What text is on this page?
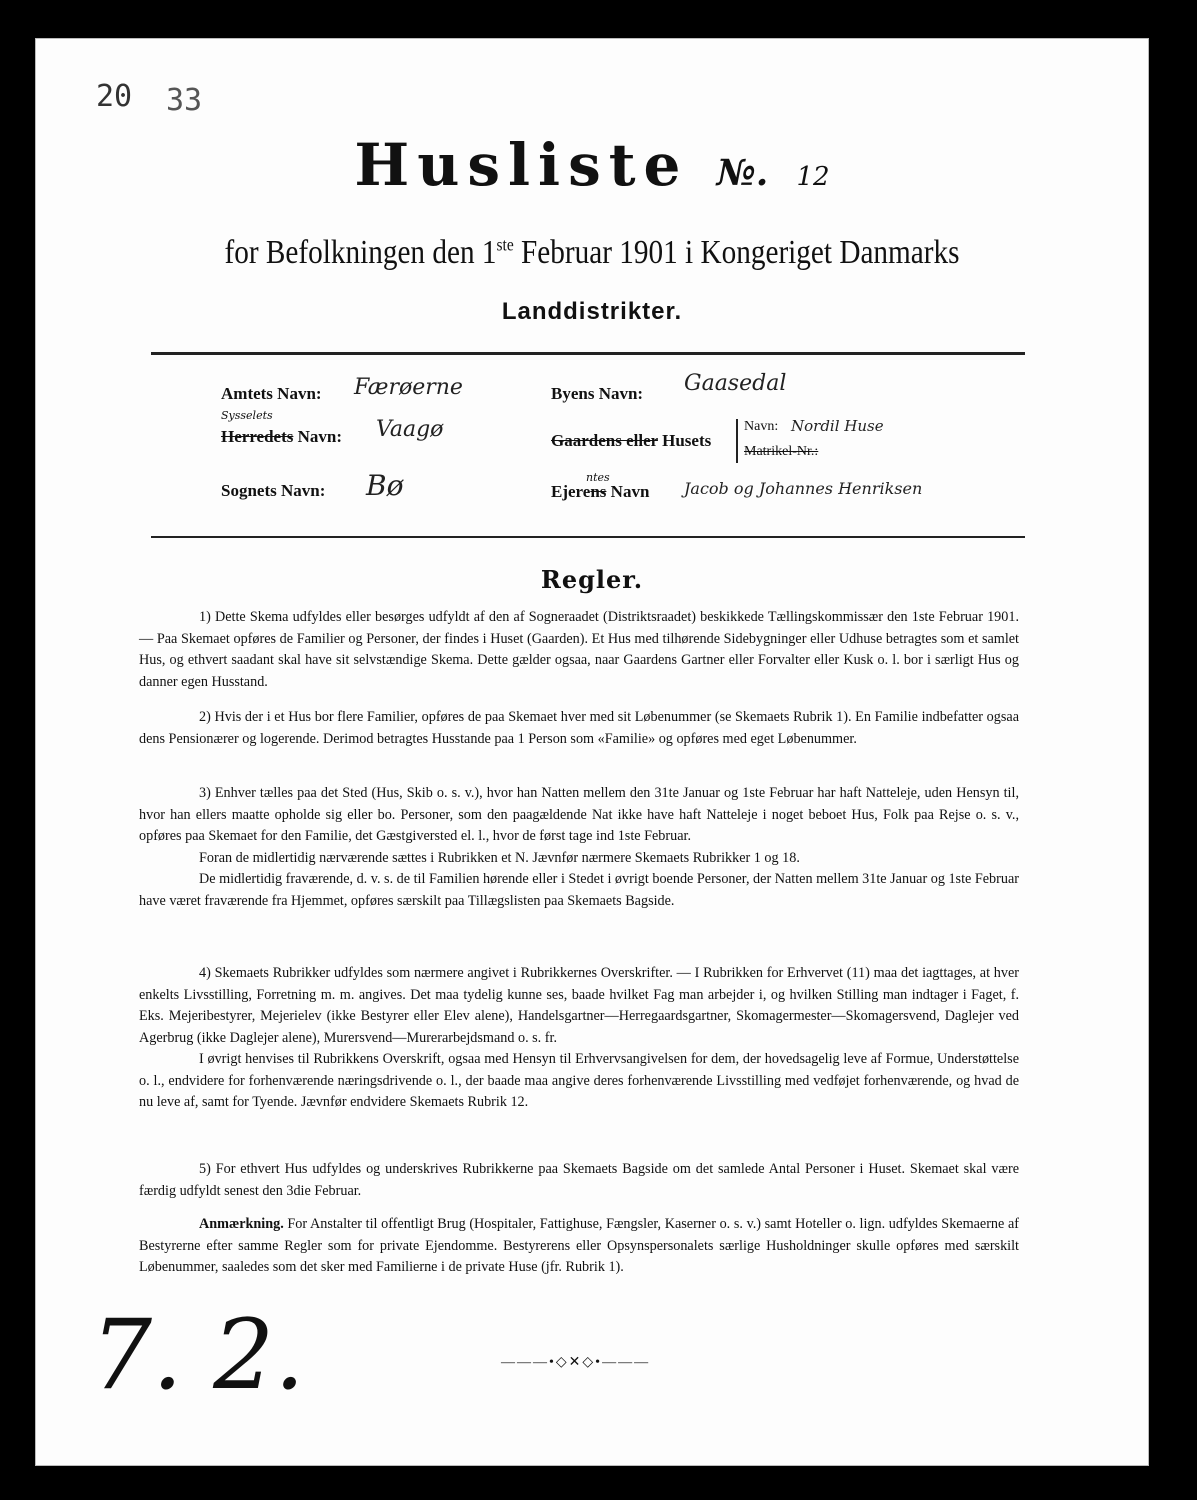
20 33
Husliste №. 12
for Befolkningen den 1ste Februar 1901 i Kongeriget Danmarks
Landdistrikter.
Amtets Navn: Færøerne
Sysselets
Herredets Navn: Vaagø
Sognets Navn: Bø
Byens Navn: Gaasedal
Gaardens eller Husets
Navn: Nordil Huse
Matrikel-Nr.:
ntes
Ejerens Navn Jacob og Johannes Henriksen
Regler.

1) Dette Skema udfyldes eller besørges udfyldt af den af Sogneraadet (Distriktsraadet) beskikkede Tællingskommissær den 1ste Februar 1901. — Paa Skemaet opføres de Familier og Personer, der findes i Huset (Gaarden). Et Hus med tilhørende Sidebygninger eller Udhuse betragtes som et samlet Hus, og ethvert saadant skal have sit selvstændige Skema. Dette gælder ogsaa, naar Gaardens Gartner eller Forvalter eller Kusk o. l. bor i særligt Hus og danner egen Husstand.

2) Hvis der i et Hus bor flere Familier, opføres de paa Skemaet hver med sit Løbenummer (se Skemaets Rubrik 1). En Familie indbefatter ogsaa dens Pensionærer og logerende. Derimod betragtes Husstande paa 1 Person som «Familie» og opføres med eget Løbenummer.

3) Enhver tælles paa det Sted (Hus, Skib o. s. v.), hvor han Natten mellem den 31te Januar og 1ste Februar har haft Natteleje, uden Hensyn til, hvor han ellers maatte opholde sig eller bo. Personer, som den paagældende Nat ikke have haft Natteleje i noget beboet Hus, Folk paa Rejse o. s. v., opføres paa Skemaet for den Familie, det Gæstgiversted el. l., hvor de først tage ind 1ste Februar.

Foran de midlertidig nærværende sættes i Rubrikken et N. Jævnfør nærmere Skemaets Rubrikker 1 og 18.

De midlertidig fraværende, d. v. s. de til Familien hørende eller i Stedet i øvrigt boende Personer, der Natten mellem 31te Januar og 1ste Februar have været fraværende fra Hjemmet, opføres særskilt paa Tillægslisten paa Skemaets Bagside.

4) Skemaets Rubrikker udfyldes som nærmere angivet i Rubrikkernes Overskrifter. — I Rubrikken for Erhvervet (11) maa det iagttages, at hver enkelts Livsstilling, Forretning m. m. angives. Det maa tydelig kunne ses, baade hvilket Fag man arbejder i, og hvilken Stilling man indtager i Faget, f. Eks. Mejeribestyrer, Mejerielev (ikke Bestyrer eller Elev alene), Handelsgartner—Herregaardsgartner, Skomagermester—Skomagersvend, Daglejer ved Agerbrug (ikke Daglejer alene), Murersvend—Murerarbejdsmand o. s. fr.

I øvrigt henvises til Rubrikkens Overskrift, ogsaa med Hensyn til Erhvervsangivelsen for dem, der hovedsagelig leve af Formue, Understøttelse o. l., endvidere for forhenværende næringsdrivende o. l., der baade maa angive deres forhenværende Livsstilling med vedføjet forhenværende, og hvad de nu leve af, samt for Tyende. Jævnfør endvidere Skemaets Rubrik 12.

5) For ethvert Hus udfyldes og underskrives Rubrikkerne paa Skemaets Bagside om det samlede Antal Personer i Huset. Skemaet skal være færdig udfyldt senest den 3die Februar.

Anmærkning. For Anstalter til offentligt Brug (Hospitaler, Fattighuse, Fængsler, Kaserner o. s. v.) samt Hoteller o. lign. udfyldes Skemaerne af Bestyrerne efter samme Regler som for private Ejendomme. Bestyrerens eller Opsynspersonalets særlige Husholdninger skulle opføres med særskilt Løbenummer, saaledes som det sker med Familierne i de private Huse (jfr. Rubrik 1).

7. 2.	———•◇✕◇•———
